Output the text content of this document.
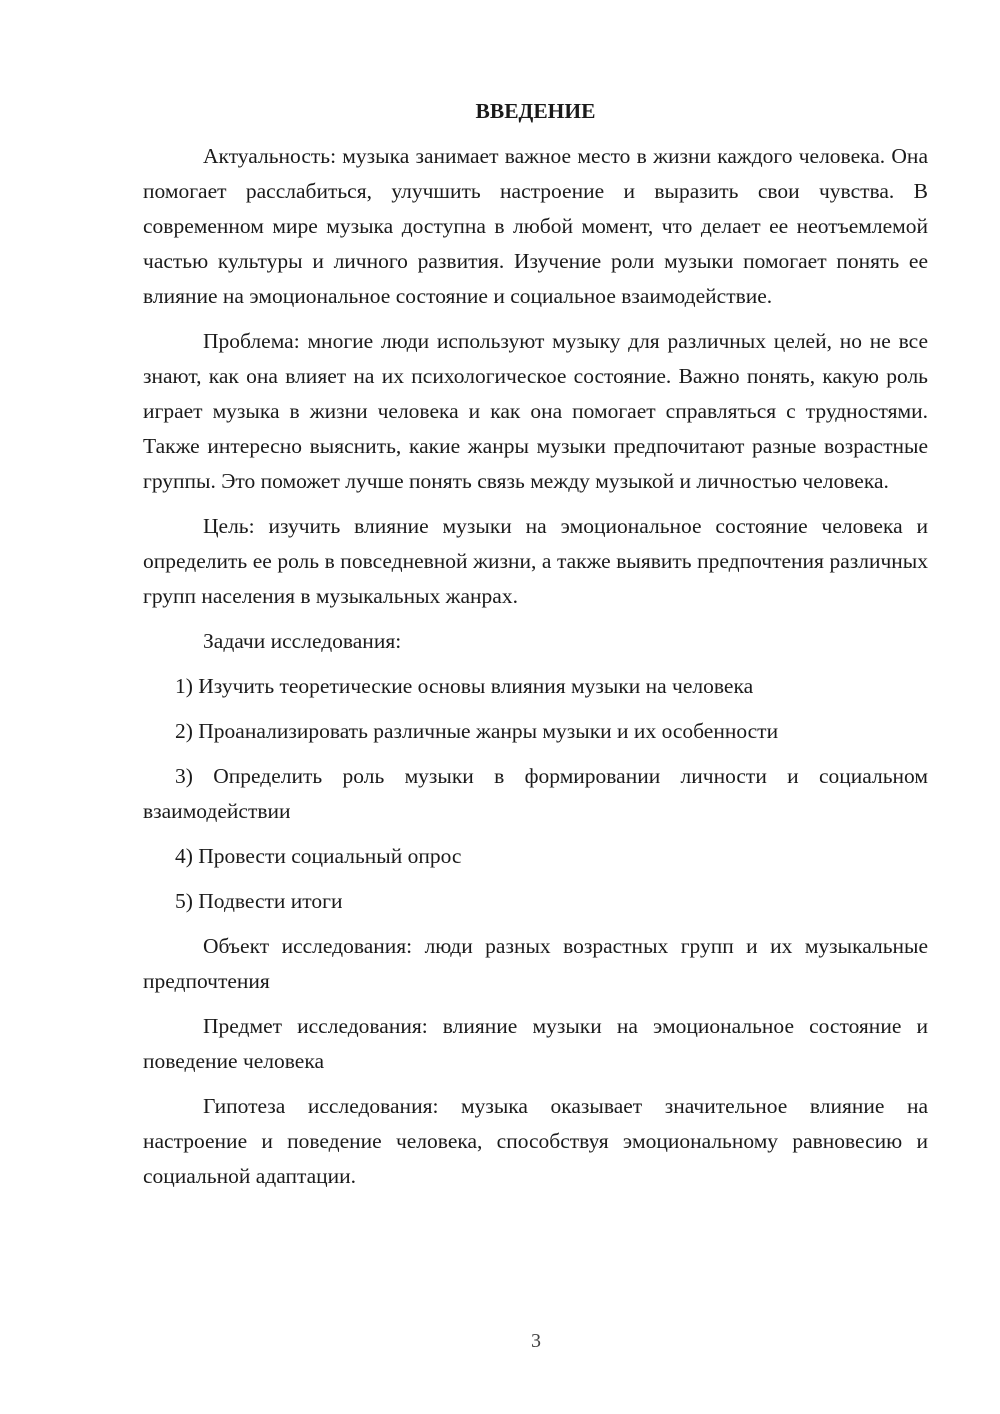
ВВЕДЕНИЕ

Актуальность: музыка занимает важное место в жизни каждого человека. Она помогает расслабиться, улучшить настроение и выразить свои чувства. В современном мире музыка доступна в любой момент, что делает ее неотъемлемой частью культуры и личного развития. Изучение роли музыки помогает понять ее влияние на эмоциональное состояние и социальное взаимодействие.

Проблема: многие люди используют музыку для различных целей, но не все знают, как она влияет на их психологическое состояние. Важно понять, какую роль играет музыка в жизни человека и как она помогает справляться с трудностями. Также интересно выяснить, какие жанры музыки предпочитают разные возрастные группы. Это поможет лучше понять связь между музыкой и личностью человека.

Цель: изучить влияние музыки на эмоциональное состояние человека и определить ее роль в повседневной жизни, а также выявить предпочтения различных групп населения в музыкальных жанрах.

Задачи исследования:

1) Изучить теоретические основы влияния музыки на человека

2) Проанализировать различные жанры музыки и их особенности

3) Определить роль музыки в формировании личности и социальном взаимодействии

4) Провести социальный опрос

5) Подвести итоги

Объект исследования: люди разных возрастных групп и их музыкальные предпочтения

Предмет исследования: влияние музыки на эмоциональное состояние и поведение человека

Гипотеза исследования: музыка оказывает значительное влияние на настроение и поведение человека, способствуя эмоциональному равновесию и социальной адаптации.

3
